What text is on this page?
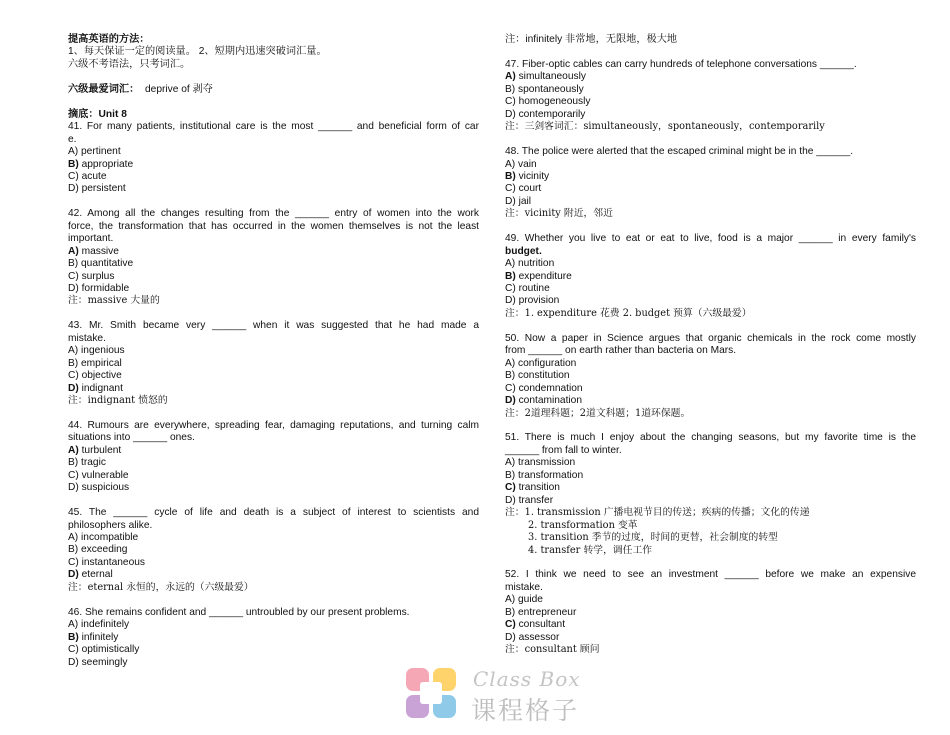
提高英语的方法：
1、每天保证一定的阅读量。 2、短期内迅速突破词汇量。
六级不考语法，只考词汇。
六级最爱词汇： deprive of 剥夺
摘底：Unit 8
41. For many patients, institutional care is the most ______ and beneficial form of car
e.
A) pertinent
B) appropriate
C) acute
D) persistent
42. Among all the changes resulting from the ______ entry of women into the work
force, the transformation that has occurred in the women themselves is not the least
important.
A) massive
B) quantitative
C) surplus
D) formidable
注：massive 大量的
43. Mr. Smith became very ______ when it was suggested that he had made a
mistake.
A) ingenious
B) empirical
C) objective
D) indignant
注：indignant 愤怒的
44. Rumours are everywhere, spreading fear, damaging reputations, and turning calm
situations into ______ ones.
A) turbulent
B) tragic
C) vulnerable
D) suspicious
45. The ______ cycle of life and death is a subject of interest to scientists and
philosophers alike.
A) incompatible
B) exceeding
C) instantaneous
D) eternal
注：eternal 永恒的，永远的（六级最爱）
46. She remains confident and ______ untroubled by our present problems.
A) indefinitely
B) infinitely
C) optimistically
D) seemingly
注：infinitely 非常地，无限地，极大地
47. Fiber-optic cables can carry hundreds of telephone conversations ______.
A) simultaneously
B) spontaneously
C) homogeneously
D) contemporarily
注：三剑客词汇：simultaneously，spontaneously，contemporarily
48. The police were alerted that the escaped criminal might be in the ______.
A) vain
B) vicinity
C) court
D) jail
注：vicinity 附近，邻近
49. Whether you live to eat or eat to live, food is a major ______ in every family's
budget.
A) nutrition
B) expenditure
C) routine
D) provision
注：1. expenditure 花费 2. budget 预算（六级最爱）
50. Now a paper in Science argues that organic chemicals in the rock come mostly
from ______ on earth rather than bacteria on Mars.
A) configuration
B) constitution
C) condemnation
D) contamination
注：2道理科题；2道文科题；1道环保题。
51. There is much I enjoy about the changing seasons, but my favorite time is the
______ from fall to winter.
A) transmission
B) transformation
C) transition
D) transfer
注：1. transmission 广播电视节目的传送；疾病的传播；文化的传递
2. transformation 变革
3. transition 季节的过度，时间的更替，社会制度的转型
4. transfer 转学，调任工作
52. I think we need to see an investment ______ before we make an expensive
mistake.
A) guide
B) entrepreneur
C) consultant
D) assessor
注：consultant 顾问
Class Box
课程格子
